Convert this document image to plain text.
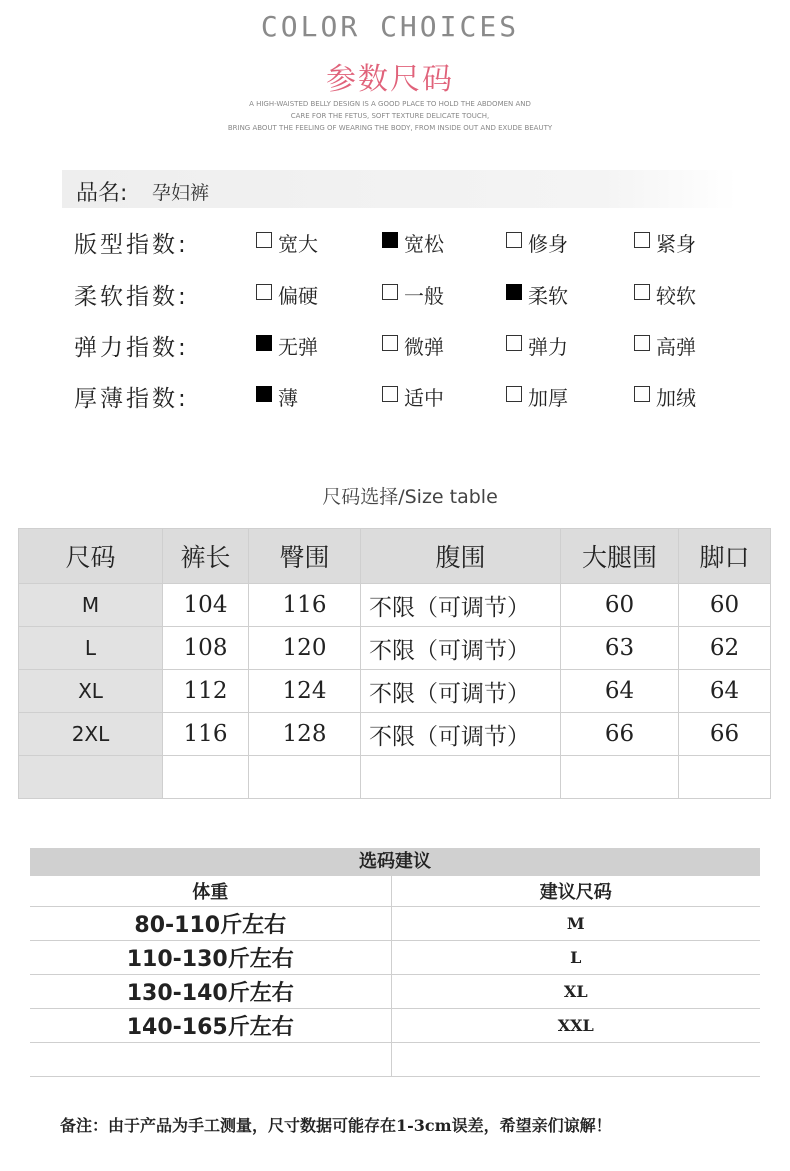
COLOR CHOICES
参数尺码
A HIGH-WAISTED BELLY DESIGN IS A GOOD PLACE TO HOLD THE ABDOMEN AND
CARE FOR THE FETUS, SOFT TEXTURE DELICATE TOUCH,
BRING ABOUT THE FEELING OF WEARING THE BODY, FROM INSIDE OUT AND EXUDE BEAUTY
品名: 孕妇裤
版型指数:	宽大	宽松	修身	紧身
柔软指数:	偏硬	一般	柔软	较软
弹力指数:	无弹	微弹	弹力	高弹
厚薄指数:	薄	适中	加厚	加绒
尺码选择/Size table
尺码	裤长	臀围	腹围	大腿围	脚口
M	104	116	不限（可调节）	60	60
L	108	120	不限（可调节）	63	62
XL	112	124	不限（可调节）	64	64
2XL	116	128	不限（可调节）	66	66

选码建议
体重	建议尺码
80-110斤左右	M
110-130斤左右	L
130-140斤左右	XL
140-165斤左右	XXL

备注：由于产品为手工测量，尺寸数据可能存在1-3cm误差，希望亲们谅解！
